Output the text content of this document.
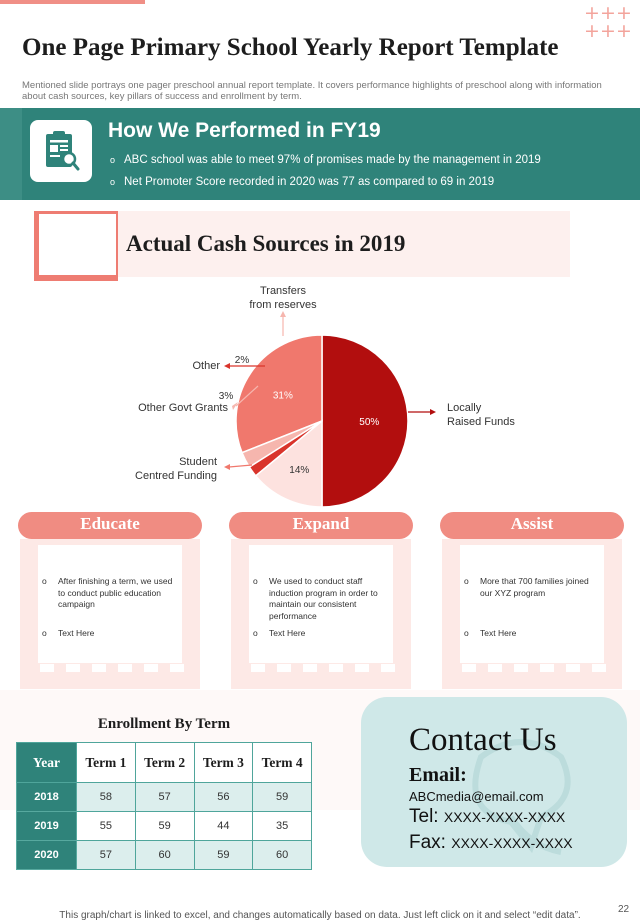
+ + +
+ + +
One Page Primary School Yearly Report Template

Mentioned slide portrays one pager preschool annual report template. It covers performance highlights of preschool along with information about cash sources, key pillars of success and enrollment by term.

How We Performed in FY19
o ABC school was able to meet 97% of promises made by the management in 2019
o Net Promoter Score recorded in 2020 was 77 as compared to 69 in 2019
Actual Cash Sources in 2019
50%
31%
3%
2%
14%
Transfers
from reserves
Other
Other Govt Grants
Student
Centred Funding
Locally
Raised Funds
Educate
o After finishing a term, we used to conduct public education campaign
o Text Here
Expand
o We used to conduct staff induction program in order to maintain our consistent performance
o Text Here
Assist
o More that 700 families joined our XYZ program
o Text Here
Enrollment By Term
Year	Term 1	Term 2	Term 3	Term 4
2018	58	57	56	59
2019	55	59	44	35
2020	57	60	59	60
Contact Us
Email:
ABCmedia@email.com
Tel: XXXX-XXXX-XXXX
Fax: XXXX-XXXX-XXXX
This graph/chart is linked to excel, and changes automatically based on data. Just left click on it and select “edit data”.
22
